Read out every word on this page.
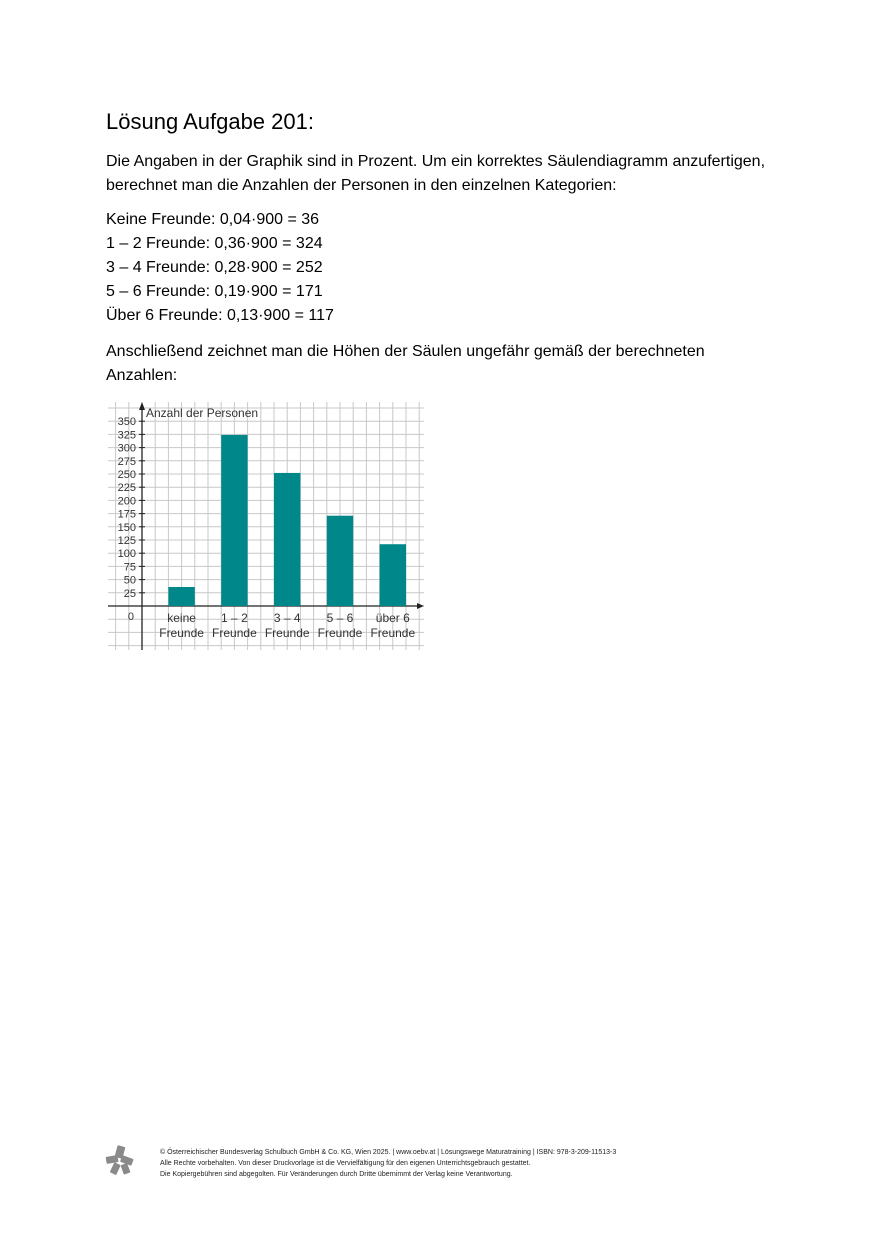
Lösung Aufgabe 201:

Die Angaben in der Graphik sind in Prozent. Um ein korrektes Säulendiagramm anzufertigen,
berechnet man die Anzahlen der Personen in den einzelnen Kategorien:

Keine Freunde: 0,04·900 = 36
1 – 2 Freunde: 0,36·900 = 324
3 – 4 Freunde: 0,28·900 = 252
5 – 6 Freunde: 0,19·900 = 171
Über 6 Freunde: 0,13·900 = 117

Anschließend zeichnet man die Höhen der Säulen ungefähr gemäß der berechneten
Anzahlen:

25
50
75
100
125
150
175
200
225
250
275
300
325
350
0
Anzahl der Personen
keine
Freunde
1 – 2
Freunde
3 – 4
Freunde
5 – 6
Freunde
über 6
Freunde
© Österreichischer Bundesverlag Schulbuch GmbH & Co. KG, Wien 2025. | www.oebv.at | Lösungswege Maturatraining | ISBN: 978-3-209-11513-3
Alle Rechte vorbehalten. Von dieser Druckvorlage ist die Vervielfältigung für den eigenen Unterrichtsgebrauch gestattet.
Die Kopiergebühren sind abgegolten. Für Veränderungen durch Dritte übernimmt der Verlag keine Verantwortung.
